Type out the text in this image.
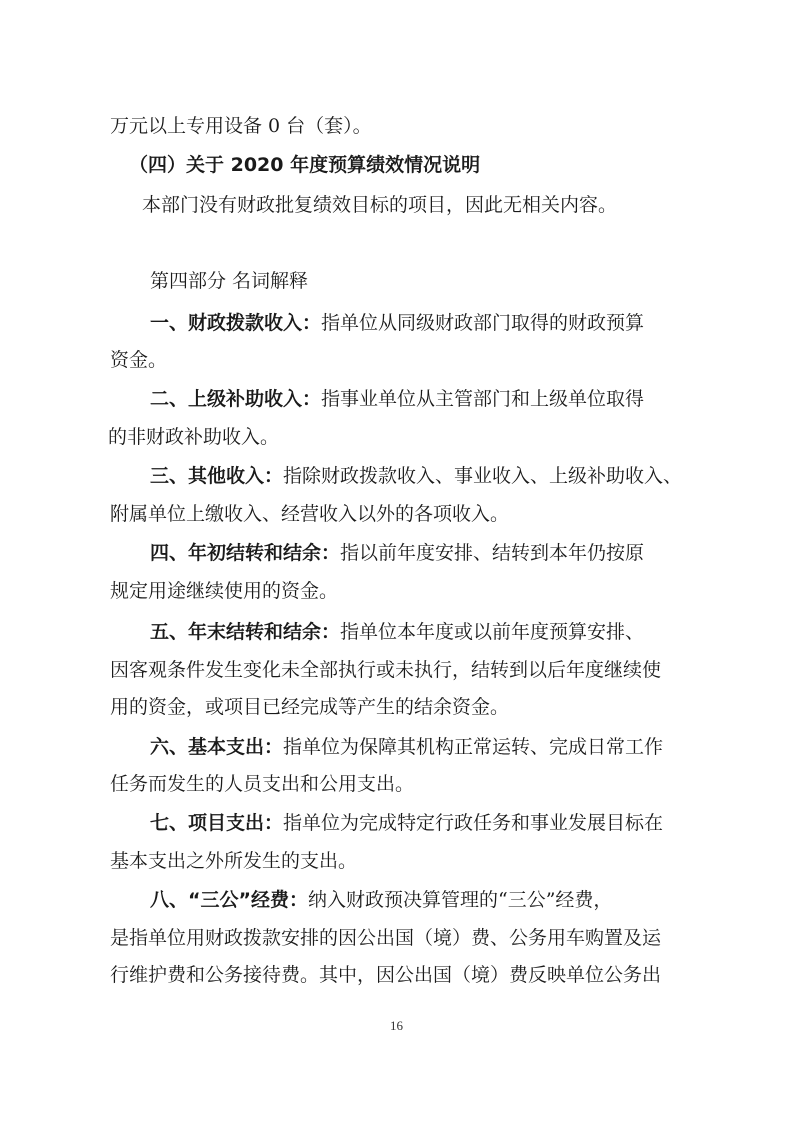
万元以上专用设备 0 台（套）。
（四）关于 2020 年度预算绩效情况说明
本部门没有财政批复绩效目标的项目，因此无相关内容。
第四部分 名词解释
一、财政拨款收入：指单位从同级财政部门取得的财政预算
资金。
二、上级补助收入：指事业单位从主管部门和上级单位取得
的非财政补助收入。
三、其他收入：指除财政拨款收入、事业收入、上级补助收入、
附属单位上缴收入、经营收入以外的各项收入。
四、年初结转和结余：指以前年度安排、结转到本年仍按原
规定用途继续使用的资金。
五、年末结转和结余：指单位本年度或以前年度预算安排、
因客观条件发生变化未全部执行或未执行，结转到以后年度继续使
用的资金，或项目已经完成等产生的结余资金。
六、基本支出：指单位为保障其机构正常运转、完成日常工作
任务而发生的人员支出和公用支出。
七、项目支出：指单位为完成特定行政任务和事业发展目标在
基本支出之外所发生的支出。
八、“三公”经费：纳入财政预决算管理的“三公”经费，
是指单位用财政拨款安排的因公出国（境）费、公务用车购置及运
行维护费和公务接待费。其中，因公出国（境）费反映单位公务出
16
